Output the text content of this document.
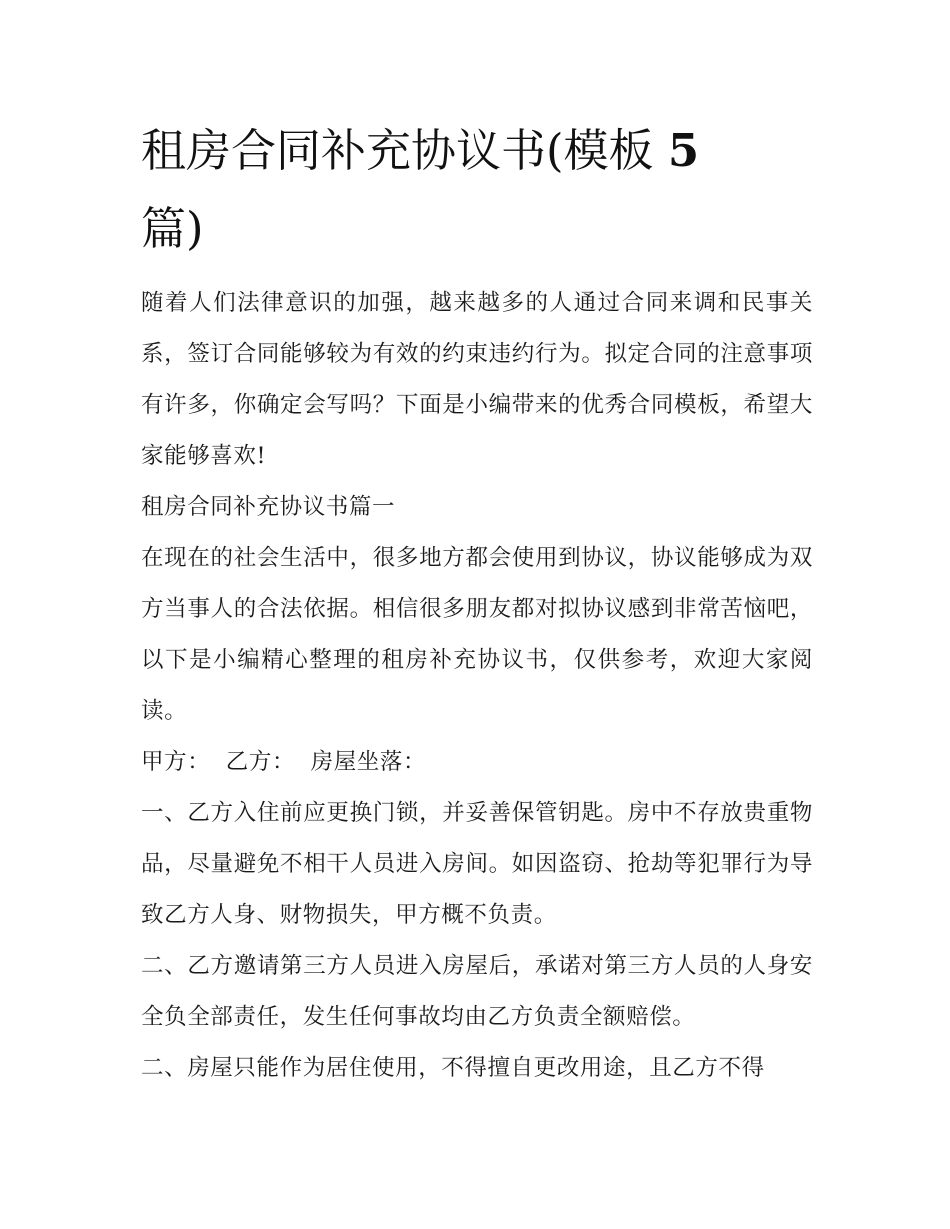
租房合同补充协议书(模板 5
篇)

随着人们法律意识的加强，越来越多的人通过合同来调和民事关系，签订合同能够较为有效的约束违约行为。拟定合同的注意事项有许多，你确定会写吗？下面是小编带来的优秀合同模板，希望大家能够喜欢!

租房合同补充协议书篇一

在现在的社会生活中，很多地方都会使用到协议，协议能够成为双方当事人的合法依据。相信很多朋友都对拟协议感到非常苦恼吧，以下是小编精心整理的租房补充协议书，仅供参考，欢迎大家阅读。

甲方：  乙方：  房屋坐落：

一、乙方入住前应更换门锁，并妥善保管钥匙。房中不存放贵重物品，尽量避免不相干人员进入房间。如因盗窃、抢劫等犯罪行为导致乙方人身、财物损失，甲方概不负责。

二、乙方邀请第三方人员进入房屋后，承诺对第三方人员的人身安全负全部责任，发生任何事故均由乙方负责全额赔偿。

二、房屋只能作为居住使用，不得擅自更改用途，且乙方不得
